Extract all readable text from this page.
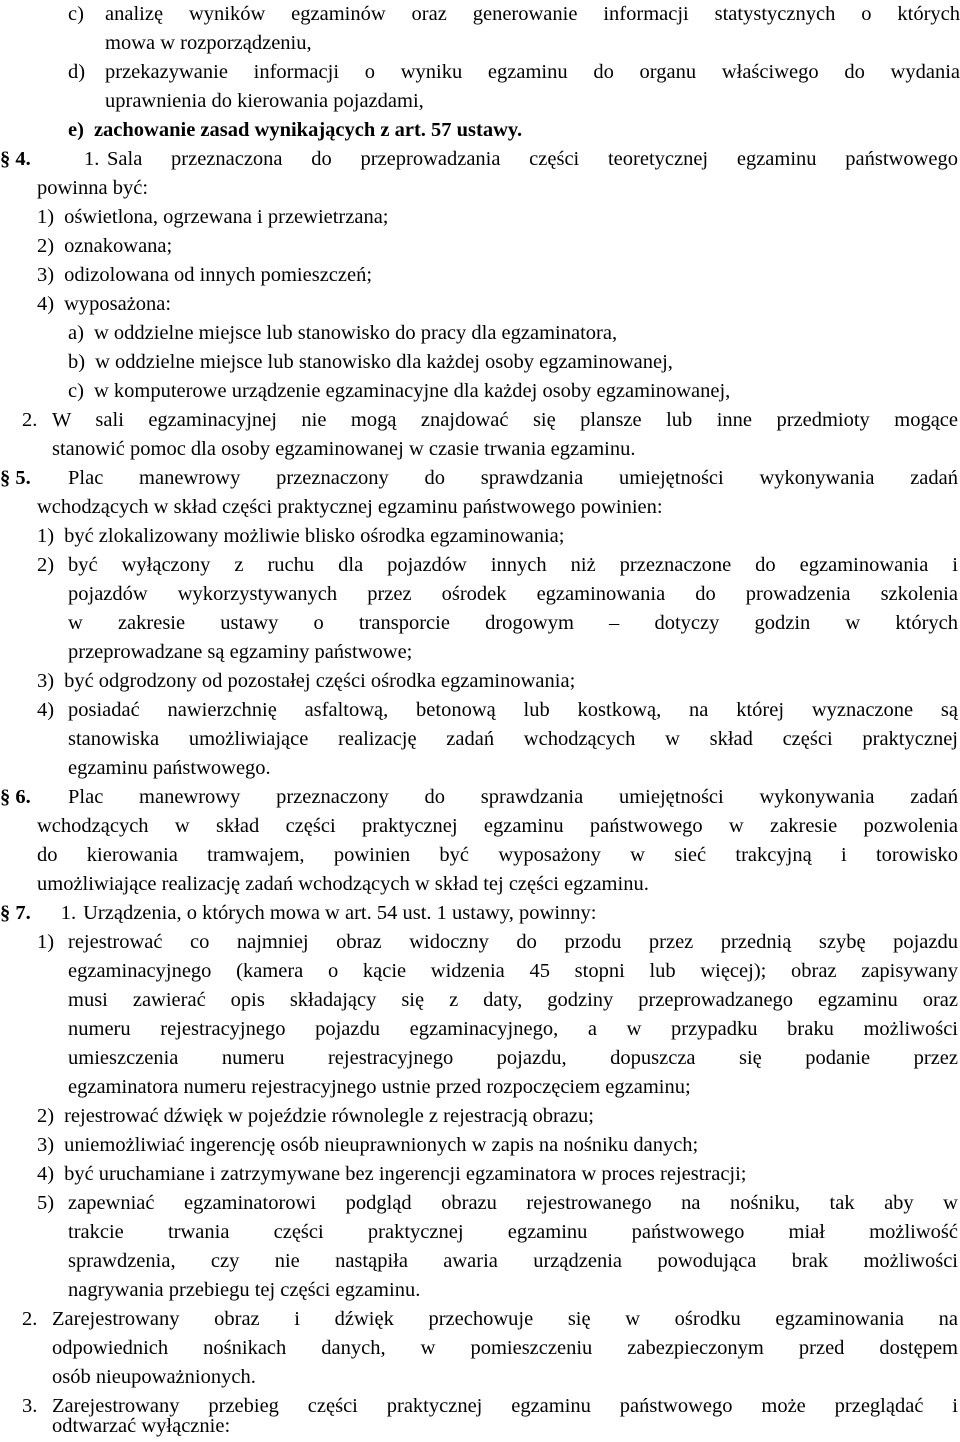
c) analizę wyników egzaminów oraz generowanie informacji statystycznych o których
mowa w rozporządzeniu,
d) przekazywanie informacji o wyniku egzaminu do organu właściwego do wydania
uprawnienia do kierowania pojazdami,
e) zachowanie zasad wynikających z art. 57 ustawy.
§ 4.	1. Sala przeznaczona do przeprowadzania części teoretycznej egzaminu państwowego
powinna być:
1) oświetlona, ogrzewana i przewietrzana;
2) oznakowana;
3) odizolowana od innych pomieszczeń;
4) wyposażona:
a) w oddzielne miejsce lub stanowisko do pracy dla egzaminatora,
b) w oddzielne miejsce lub stanowisko dla każdej osoby egzaminowanej,
c) w komputerowe urządzenie egzaminacyjne dla każdej osoby egzaminowanej,
2. W sali egzaminacyjnej nie mogą znajdować się plansze lub inne przedmioty mogące
stanowić pomoc dla osoby egzaminowanej w czasie trwania egzaminu.
§ 5. Plac manewrowy przeznaczony do sprawdzania umiejętności wykonywania zadań
wchodzących w skład części praktycznej egzaminu państwowego powinien:
1) być zlokalizowany możliwie blisko ośrodka egzaminowania;
2) być wyłączony z ruchu dla pojazdów innych niż przeznaczone do egzaminowania i
pojazdów wykorzystywanych przez ośrodek egzaminowania do prowadzenia szkolenia
w zakresie ustawy o transporcie drogowym – dotyczy godzin w których
przeprowadzane są egzaminy państwowe;
3) być odgrodzony od pozostałej części ośrodka egzaminowania;
4) posiadać nawierzchnię asfaltową, betonową lub kostkową, na której wyznaczone są
stanowiska umożliwiające realizację zadań wchodzących w skład części praktycznej
egzaminu państwowego.
§ 6. Plac manewrowy przeznaczony do sprawdzania umiejętności wykonywania zadań
wchodzących w skład części praktycznej egzaminu państwowego w zakresie pozwolenia
do kierowania tramwajem, powinien być wyposażony w sieć trakcyjną i torowisko
umożliwiające realizację zadań wchodzących w skład tej części egzaminu.
§ 7. 1. Urządzenia, o których mowa w art. 54 ust. 1 ustawy, powinny:
1) rejestrować co najmniej obraz widoczny do przodu przez przednią szybę pojazdu
egzaminacyjnego (kamera o kącie widzenia 45 stopni lub więcej); obraz zapisywany
musi zawierać opis składający się z daty, godziny przeprowadzanego egzaminu oraz
numeru rejestracyjnego pojazdu egzaminacyjnego, a w przypadku braku możliwości
umieszczenia numeru rejestracyjnego pojazdu, dopuszcza się podanie przez
egzaminatora numeru rejestracyjnego ustnie przed rozpoczęciem egzaminu;
2) rejestrować dźwięk w pojeździe równolegle z rejestracją obrazu;
3) uniemożliwiać ingerencję osób nieuprawnionych w zapis na nośniku danych;
4) być uruchamiane i zatrzymywane bez ingerencji egzaminatora w proces rejestracji;
5) zapewniać egzaminatorowi podgląd obrazu rejestrowanego na nośniku, tak aby w
trakcie trwania części praktycznej egzaminu państwowego miał możliwość
sprawdzenia, czy nie nastąpiła awaria urządzenia powodująca brak możliwości
nagrywania przebiegu tej części egzaminu.
2. Zarejestrowany obraz i dźwięk przechowuje się w ośrodku egzaminowania na
odpowiednich nośnikach danych, w pomieszczeniu zabezpieczonym przed dostępem
osób nieupoważnionych.
3. Zarejestrowany przebieg części praktycznej egzaminu państwowego może przeglądać i
odtwarzać wyłącznie:
